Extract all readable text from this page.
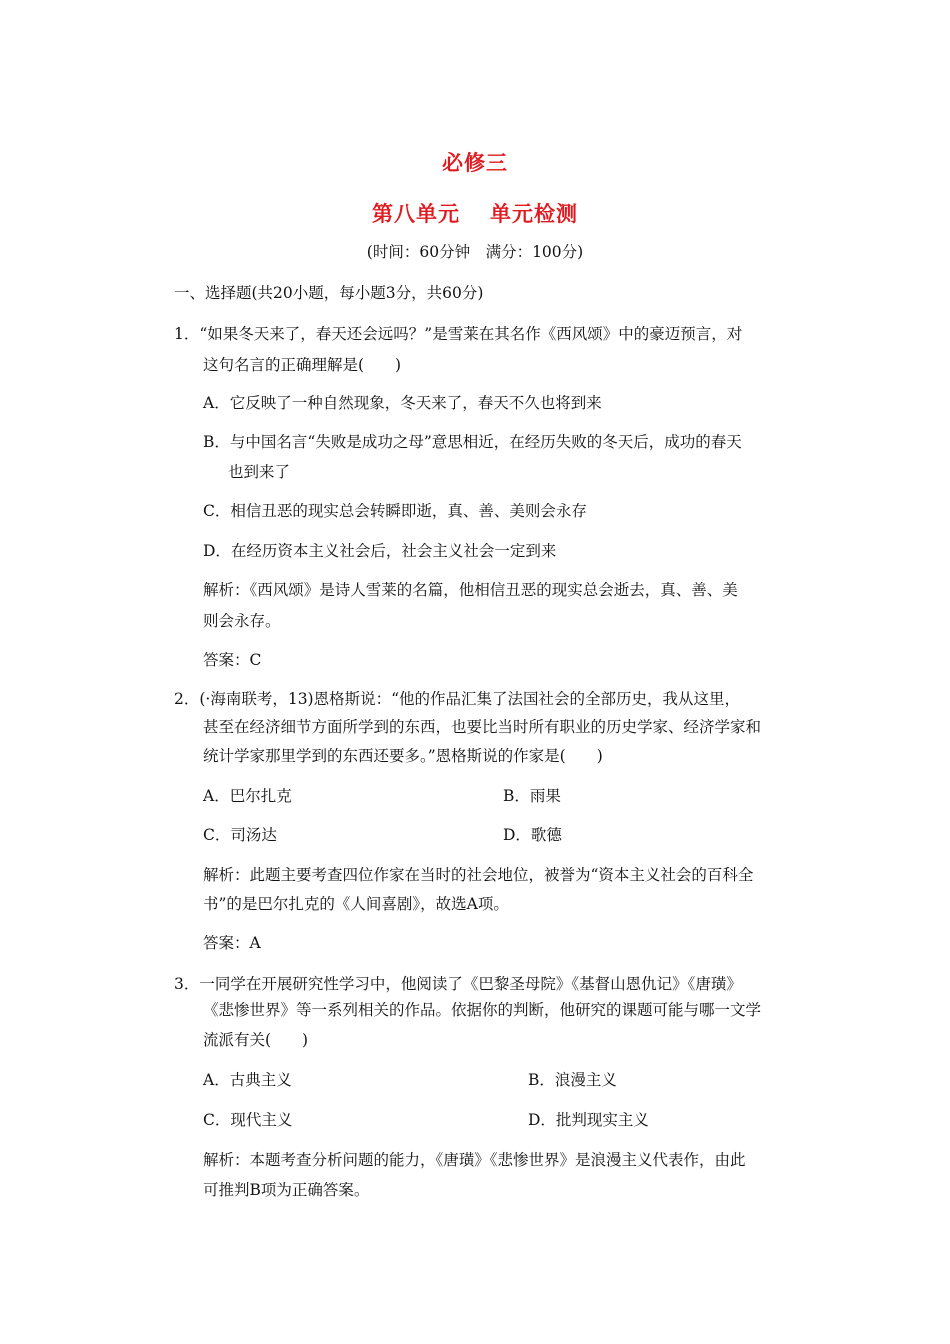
必修三
第八单元 单元检测
(时间：60分钟　满分：100分)
一、选择题(共20小题，每小题3分，共60分)
1．“如果冬天来了，春天还会远吗？”是雪莱在其名作《西风颂》中的豪迈预言，对
这句名言的正确理解是(　　)
A．它反映了一种自然现象，冬天来了，春天不久也将到来
B．与中国名言“失败是成功之母”意思相近，在经历失败的冬天后，成功的春天
也到来了
C．相信丑恶的现实总会转瞬即逝，真、善、美则会永存
D．在经历资本主义社会后，社会主义社会一定到来
解析：《西风颂》是诗人雪莱的名篇，他相信丑恶的现实总会逝去，真、善、美
则会永存。
答案：C
2．(·海南联考，13)恩格斯说：“他的作品汇集了法国社会的全部历史，我从这里，
甚至在经济细节方面所学到的东西，也要比当时所有职业的历史学家、经济学家和
统计学家那里学到的东西还要多。”恩格斯说的作家是(　　)
A．巴尔扎克	B．雨果
C．司汤达	D．歌德
解析：此题主要考查四位作家在当时的社会地位，被誉为“资本主义社会的百科全
书”的是巴尔扎克的《人间喜剧》，故选A项。
答案：A
3．一同学在开展研究性学习中，他阅读了《巴黎圣母院》《基督山恩仇记》《唐璜》
《悲惨世界》等一系列相关的作品。依据你的判断，他研究的课题可能与哪一文学
流派有关(　　)
A．古典主义	B．浪漫主义
C．现代主义	D．批判现实主义
解析：本题考查分析问题的能力，《唐璜》《悲惨世界》是浪漫主义代表作，由此
可推判B项为正确答案。
